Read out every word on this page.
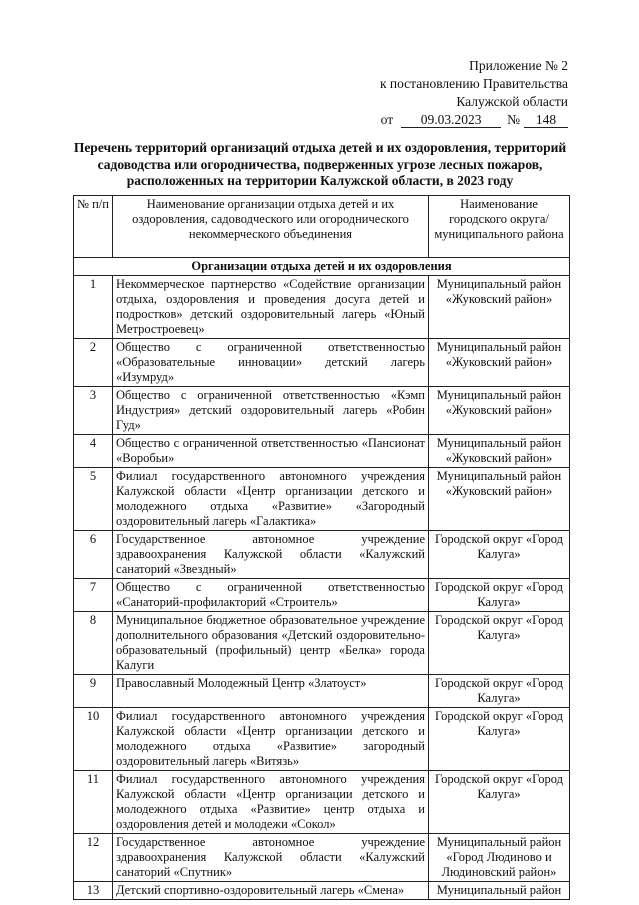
Приложение № 2
к постановлению Правительства
Калужской области
от	09.03.2023	№	148
Перечень территорий организаций отдыха детей и их оздоровления, территорий садоводства или огородничества, подверженных угрозе лесных пожаров, расположенных на территории Калужской области, в 2023 году
№ п/п	Наименование организации отдыха детей и их оздоровления, садоводческого или огороднического некоммерческого объединения	Наименование городского округа/муниципального района
Организации отдыха детей и их оздоровления		
1	Некоммерческое партнерство «Содействие организации отдыха, оздоровления и проведения досуга детей и подростков» детский оздоровительный лагерь «Юный Метростроевец»	Муниципальный район «Жуковский район»
2	Общество с ограниченной ответственностью «Образовательные инновации» детский лагерь «Изумруд»	Муниципальный район «Жуковский район»
3	Общество с ограниченной ответственностью «Кэмп Индустрия» детский оздоровительный лагерь «Робин Гуд»	Муниципальный район «Жуковский район»
4	Общество с ограниченной ответственностью «Пансионат «Воробьи»	Муниципальный район «Жуковский район»
5	Филиал государственного автономного учреждения Калужской области «Центр организации детского и молодежного отдыха «Развитие» «Загородный оздоровительный лагерь «Галактика»	Муниципальный район «Жуковский район»
6	Государственное автономное учреждение здравоохранения Калужской области «Калужский санаторий «Звездный»	Городской округ «Город Калуга»
7	Общество с ограниченной ответственностью «Санаторий-профилакторий «Строитель»	Городской округ «Город Калуга»
8	Муниципальное бюджетное образовательное учреждение дополнительного образования «Детский оздоровительно-образовательный (профильный) центр «Белка» города Калуги	Городской округ «Город Калуга»
9	Православный Молодежный Центр «Златоуст»	Городской округ «Город Калуга»
10	Филиал государственного автономного учреждения Калужской области «Центр организации детского и молодежного отдыха «Развитие» загородный оздоровительный лагерь «Витязь»	Городской округ «Город Калуга»
11	Филиал государственного автономного учреждения Калужской области «Центр организации детского и молодежного отдыха «Развитие» центр отдыха и оздоровления детей и молодежи «Сокол»	Городской округ «Город Калуга»
12	Государственное автономное учреждение здравоохранения Калужской области «Калужский санаторий «Спутник»	Муниципальный район «Город Людиново и Людиновский район»
13	Детский спортивно-оздоровительный лагерь «Смена»	Муниципальный район
